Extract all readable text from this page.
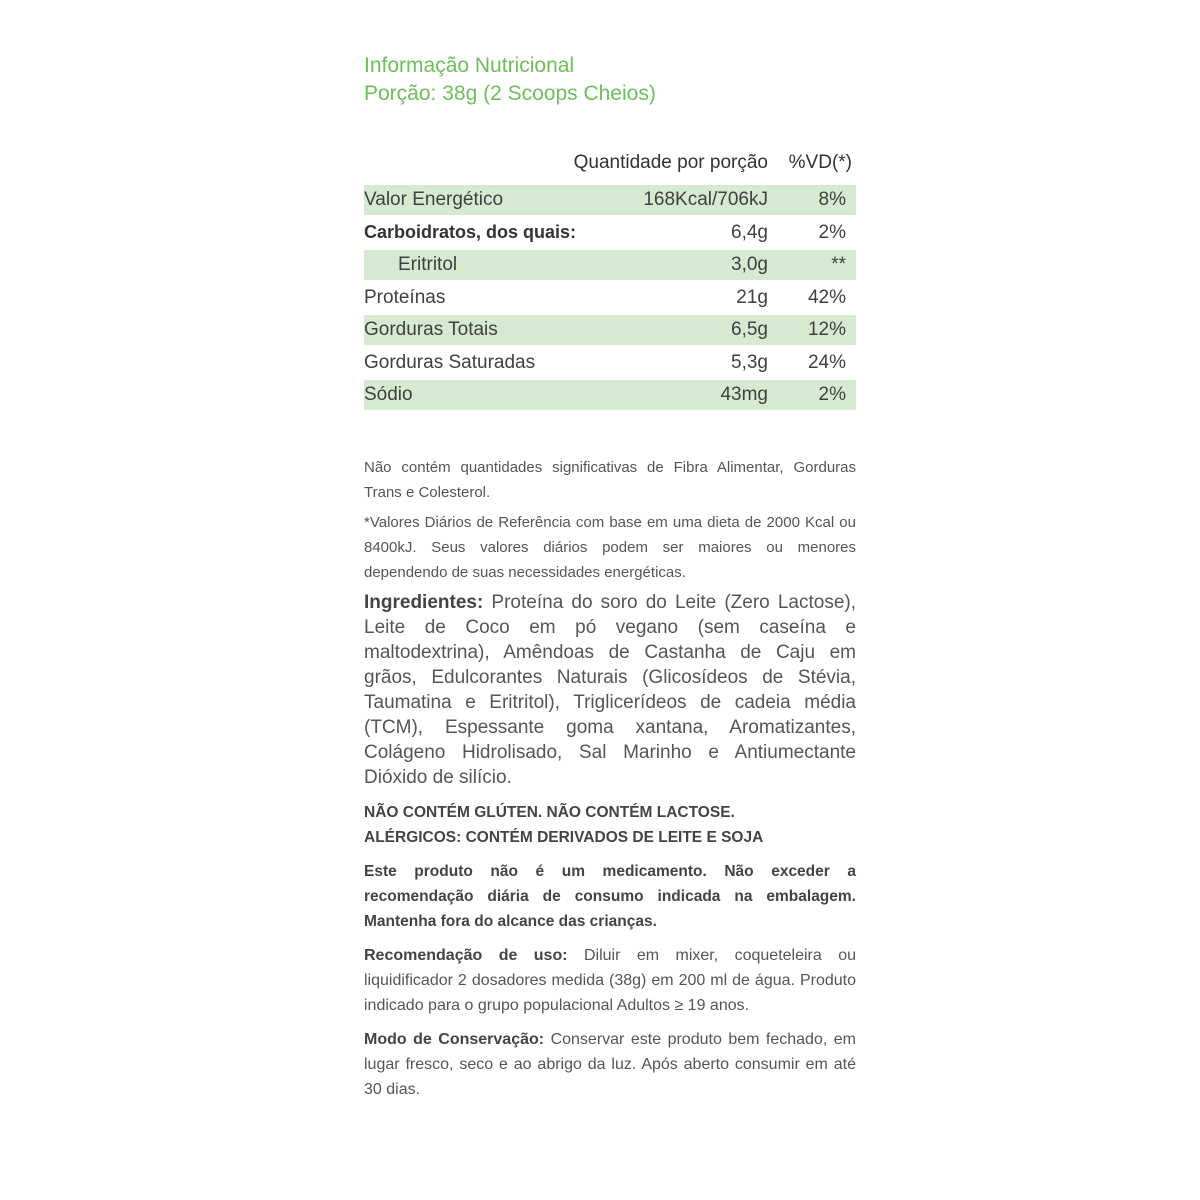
Informação Nutricional

Porção: 38g (2 Scoops Cheios)

Quantidade por porção	%VD(*)
Valor Energético	168Kcal/706kJ	8%
Carboidratos, dos quais:	6,4g	2%
Eritritol	3,0g	**
Proteínas	21g	42%
Gorduras Totais	6,5g	12%
Gorduras Saturadas	5,3g	24%
Sódio	43mg	2%

Não contém quantidades significativas de Fibra Alimentar, Gorduras Trans e Colesterol.

*Valores Diários de Referência com base em uma dieta de 2000 Kcal ou 8400kJ. Seus valores diários podem ser maiores ou menores dependendo de suas necessidades energéticas.

Ingredientes: Proteína do soro do Leite (Zero Lactose), Leite de Coco em pó vegano (sem caseína e maltodextrina), Amêndoas de Castanha de Caju em grãos, Edulcorantes Naturais (Glicosídeos de Stévia, Taumatina e Eritritol), Triglicerídeos de cadeia média (TCM), Espessante goma xantana, Aromatizantes, Colágeno Hidrolisado, Sal Marinho e Antiumectante Dióxido de silício.

NÃO CONTÉM GLÚTEN. NÃO CONTÉM LACTOSE.
ALÉRGICOS: CONTÉM DERIVADOS DE LEITE E SOJA

Este produto não é um medicamento. Não exceder a recomendação diária de consumo indicada na embalagem. Mantenha fora do alcance das crianças.

Recomendação de uso: Diluir em mixer, coqueteleira ou liquidificador 2 dosadores medida (38g) em 200 ml de água. Produto indicado para o grupo populacional Adultos ≥ 19 anos.

Modo de Conservação: Conservar este produto bem fechado, em lugar fresco, seco e ao abrigo da luz. Após aberto consumir em até 30 dias.
